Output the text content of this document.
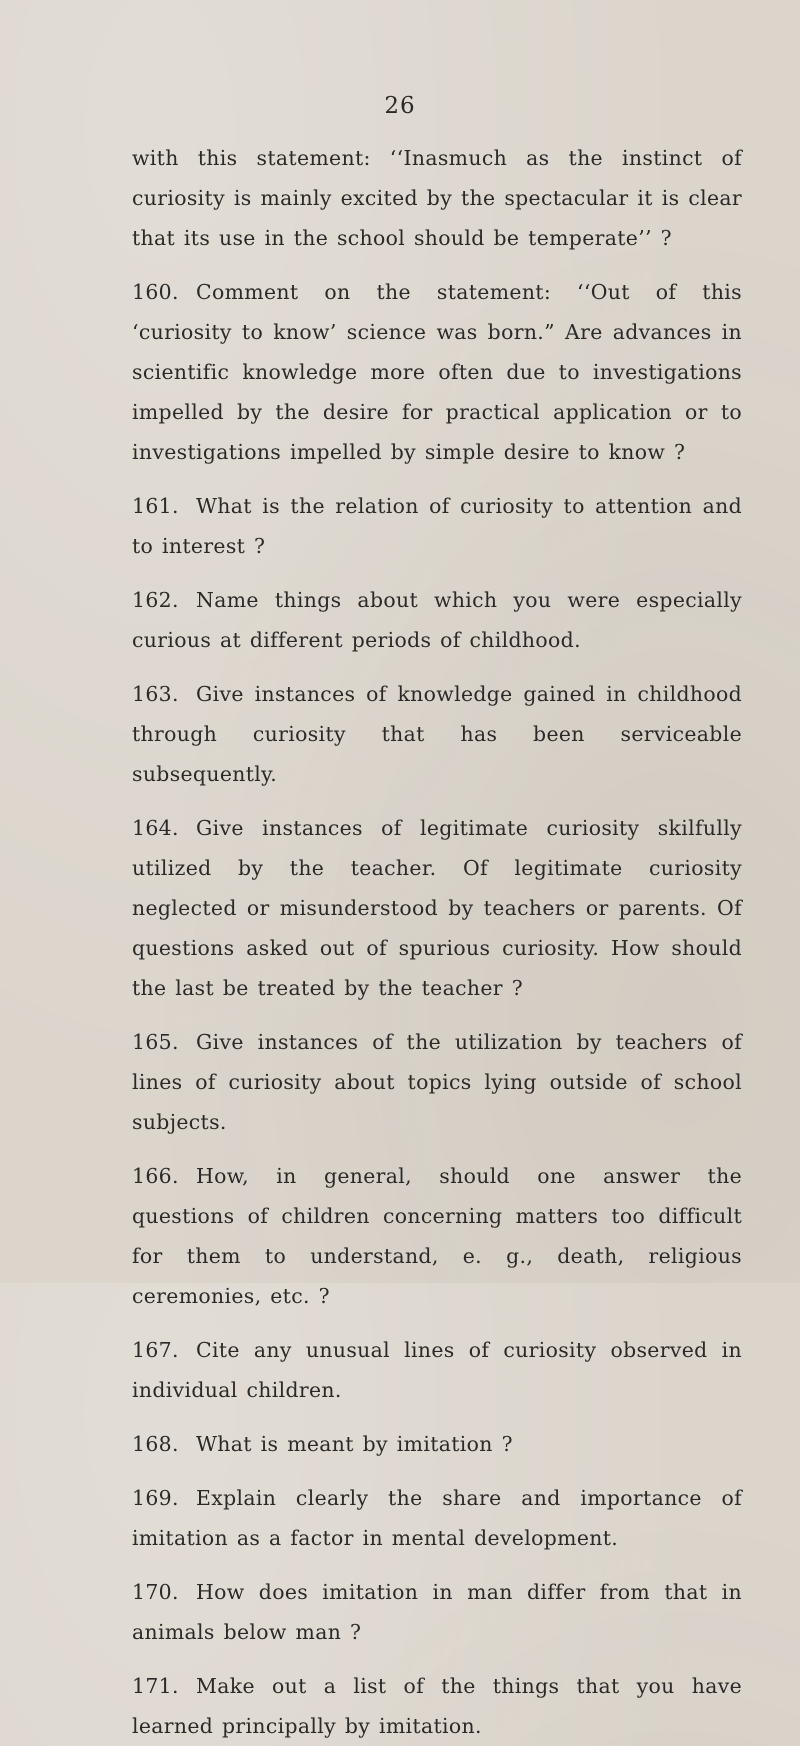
26

with this statement: ‘‘Inasmuch as the instinct of curiosity is mainly excited by the spectacular it is clear that its use in the school should be temperate’’ ?

160. Comment on the statement: ‘‘Out of this ‘curiosity to know’ science was born.” Are advances in scientific knowledge more often due to investigations impelled by the desire for practical application or to investigations impelled by simple desire to know ?

161. What is the relation of curiosity to attention and to interest ?

162. Name things about which you were especially curious at different periods of childhood.

163. Give instances of knowledge gained in childhood through curiosity that has been serviceable subsequently.

164. Give instances of legitimate curiosity skilfully utilized by the teacher. Of legitimate curiosity neglected or misunderstood by teachers or parents. Of questions asked out of spurious curiosity. How should the last be treated by the teacher ?

165. Give instances of the utilization by teachers of lines of curiosity about topics lying outside of school subjects.

166. How, in general, should one answer the questions of children concerning matters too difficult for them to understand, e. g., death, religious ceremonies, etc. ?

167. Cite any unusual lines of curiosity observed in individual children.

168. What is meant by imitation ?

169. Explain clearly the share and importance of imitation as a factor in mental development.

170. How does imitation in man differ from that in animals below man ?

171. Make out a list of the things that you have learned principally by imitation.
